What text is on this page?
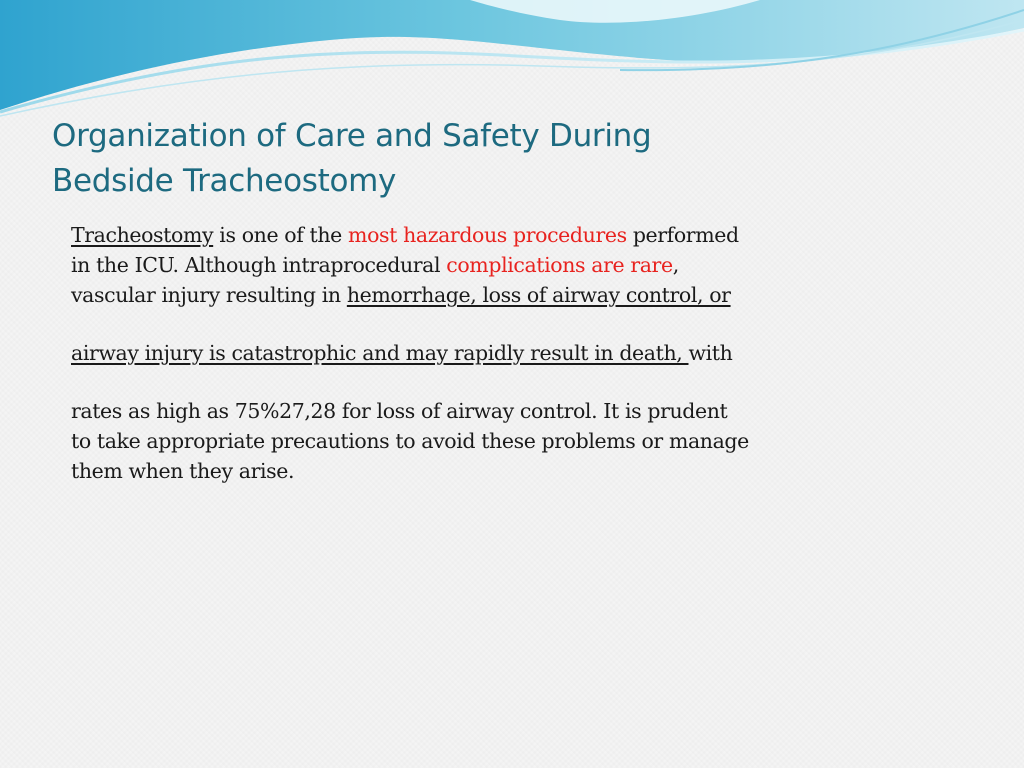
Organization of Care and Safety During
Bedside Tracheostomy
Tracheostomy is one of the most hazardous procedures performed
in the ICU. Although intraprocedural complications are rare,
vascular injury resulting in hemorrhage, loss of airway control, or
airway injury is catastrophic and may rapidly result in death, with
rates as high as 75%27,28 for loss of airway control. It is prudent
to take appropriate precautions to avoid these problems or manage
them when they arise.
